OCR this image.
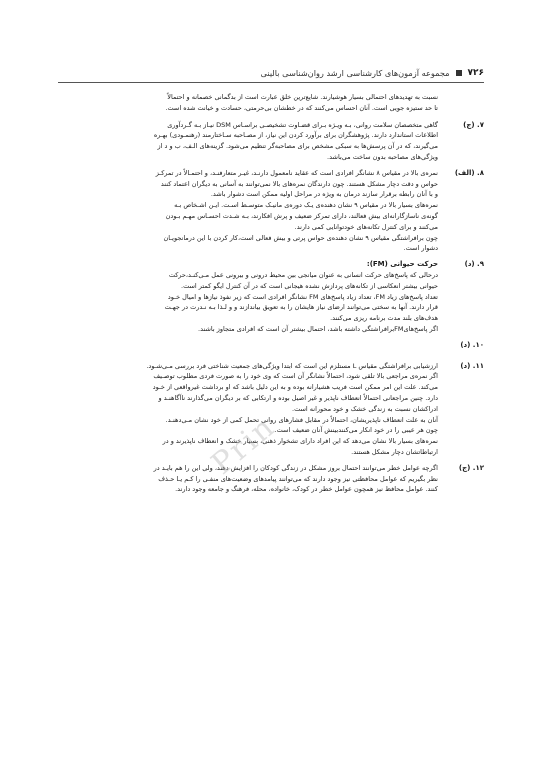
۷۲۶
مجموعه آزمون‌های کارشناسی ارشد روان‌شناسی بالینی

نسبت به تهدیدهای احتمالی بسیار هوشیارند. شایع‌ترین خلق عبارت است از بدگمانی خصمانه و احتمالاً

تا حد ستیزه جویی است. آنان احساس می‌کنند که در خطشان بی‌حرمتی، حسادت و خیانت شده است.

۷. (ج)

گاهی متخصصان سلامت روانی، بـه ویـژه بـرای قضـاوت تشخیصـی براسـاس DSM نیـاز بـه گـردآوری

اطلاعات استاندارد دارند. پژوهشگران برای برآورد کردن این نیاز، از مصـاحبه سـاختارمند (رهنمـودی) بهـره

می‌گیرند، که در آن پرسش‌ها به سبکی مشخص برای مصاحبه‌گر تنظیم می‌شود. گزینه‌های الـف، ب و د از

ویژگی‌های مصاحبه بدون ساخت می‌باشد.

۸. (الف)

نمره‌ی بالا در مقیاس ۸ نشانگر افرادی است که عقاید نامعمول دارنـد، غیـر متعارفنـد، و احتمـالاً در تمرکـز

حواس و دقت دچار مشکل هستند. چون دارندگان نمره‌های بالا نمی‌توانند به آسانی به دیگران اعتماد کنند

و با آنان رابطه برقرار سازند درمان به ویژه در مراحل اولیه ممکن است دشوار باشد.

نمره‌های بسیار بالا در مقیاس ۹ نشان دهنده‌ی یـک دوره‌ی مانیـک متوسـط اسـت. ایـن اشـخاص بـه

گونه‌ی ناسازگارانه‌ای بیش فعالند، دارای تمرکز ضعیف و پرش افکارند، بـه شـدت احسـاس مهـم بـودن

می‌کنند و برای کنترل تکانه‌های خودتوانایی کمی دارند.

چون برافراشتگی مقیاس ۹ نشان دهنده‌ی حواس پرتی و بیش فعالی است،کار کردن با این درمانجویـان

دشوار است.

۹. (د)

حرکت حیوانی (FM):

درحالی که پاسخ‌های حرکت انسانی به عنوان میانجی بین محیط درونی و بیرونی عمل مـی‌کنـد،حرکت

حیوانی بیشتر انعکاسی از تکانه‌های پردازش نشده هیجانی است که در آن کنترل ایگو کمتر است.

تعداد پاسخ‌های زیاد FM، تعداد زیاد پاسخ‌های FM نشانگر افرادی است که زیر نفوذ نیازها و امیال خـود

قرار دارند. آنها به سختی می‌توانند ارضای نیاز هایشان را به تعویق بیاندازند و و لـذا بـه نـدرت در جهـت

هدف‌های بلند مدت برنامه ریزی می‌کنند.

اگر پاسخ‌هایFMبرافراشتگی داشته باشد، احتمال بیشتر آن است که افرادی متجاوز باشند.

۱۰. (د)
۱۱. (د)

ارزشیابی برافراشتگی مقیاس L مستلزم این است که ابتدا ویژگی‌های جمعیت شناختی فرد بررسی مـی‌شـود.

اگر نمره‌ی مراجعی بالا تلقی شود، احتمالاً نشانگر آن است که وی خود را به صورت فردی مطلوب توصـیف

می‌کند. علت این امر ممکن است فریب هشیارانه بوده و به این دلیل باشد که او برداشت غیرواقعی از خـود

دارد. چنین مراجعانی احتمالاً انعطاف ناپذیر و غیر اصیل بوده و ارتکابی که بر دیگران می‌گذارند ناآگاهنـد و

ادراکشان نسبت به زندگی خشک و خود محورانه است.

آنان به علت انعطاف ناپذیریشان، احتمالاً در مقابل فشارهای روانی تحمل کمی از خود نشان مـی‌دهنـد.

چون هر عیبی را در خود انکار می‌کنندبینش آنان ضعیف است.

نمره‌های بسیار بالا نشان می‌دهد که این افراد دارای تشخوار ذهنی، بسیار خشک و انعطاف ناپذیرند و در

ارتباطاتشان دچار مشکل هستند.

۱۲. (ج)

اگرچه عوامل خطر می‌توانند احتمال بروز مشکل در زندگی کودکان را افزایش دهند، ولی این را هم بایـد در

نظر بگیریم که عوامل محافظتی نیز وجود دارند که می‌توانند پیامدهای وضعیت‌های منفـی را کـم یـا حـذف

کنند. عوامل محافظ نیز همچون عوامل خطر در کودک، خانواده، محله، فرهنگ و جامعه وجود دارند.

Prin
